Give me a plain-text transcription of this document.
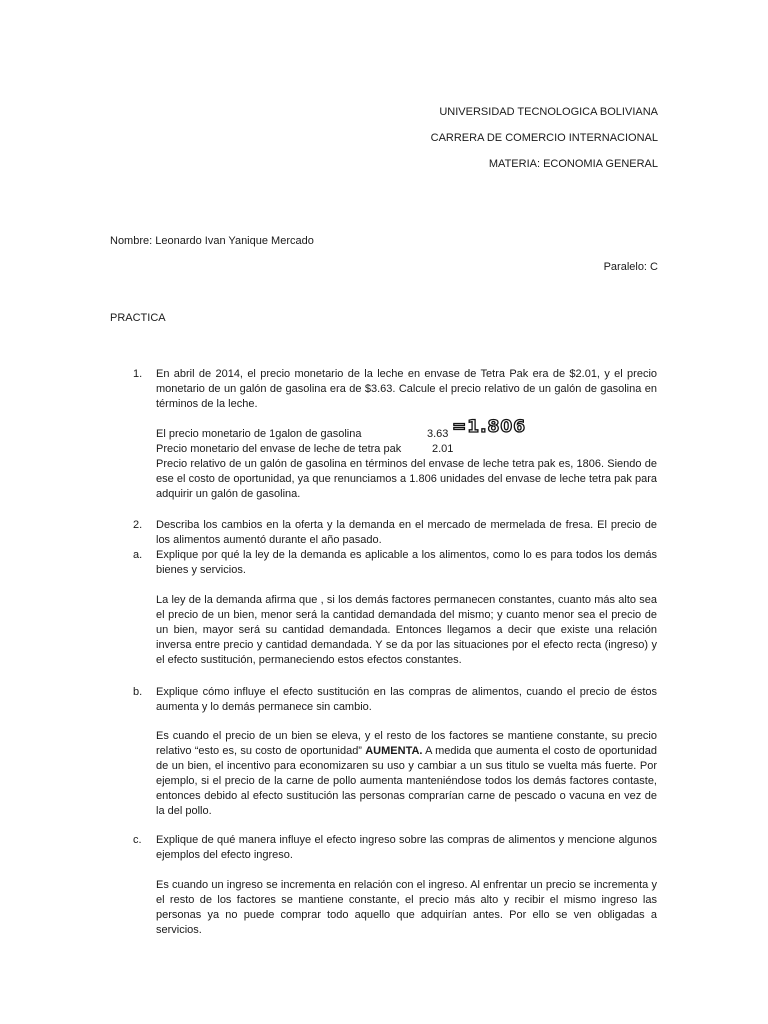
UNIVERSIDAD TECNOLOGICA BOLIVIANA
CARRERA DE COMERCIO INTERNACIONAL
MATERIA: ECONOMIA GENERAL
Nombre: Leonardo Ivan Yanique Mercado
Paralelo: C
PRACTICA
1. En abril de 2014, el precio monetario de la leche en envase de Tetra Pak era de $2.01, y el precio monetario de un galón de gasolina era de $3.63. Calcule el precio relativo de un galón de gasolina en términos de la leche.
El precio monetario de 1galon de gasolina	3.63 =1.806
Precio monetario del envase de leche de tetra pak	2.01
Precio relativo de un galón de gasolina en términos del envase de leche tetra pak es, 1806. Siendo de ese el costo de oportunidad, ya que renunciamos a 1.806 unidades del envase de leche tetra pak para adquirir un galón de gasolina.
2. Describa los cambios en la oferta y la demanda en el mercado de mermelada de fresa. El precio de los alimentos aumentó durante el año pasado.
a. Explique por qué la ley de la demanda es aplicable a los alimentos, como lo es para todos los demás bienes y servicios.
La ley de la demanda afirma que , si los demás factores permanecen constantes, cuanto más alto sea el precio de un bien, menor será la cantidad demandada del mismo; y cuanto menor sea el precio de un bien, mayor será su cantidad demandada. Entonces llegamos a decir que existe una relación inversa entre precio y cantidad demandada. Y se da por las situaciones por el efecto recta (ingreso) y el efecto sustitución, permaneciendo estos efectos constantes.
b. Explique cómo influye el efecto sustitución en las compras de alimentos, cuando el precio de éstos aumenta y lo demás permanece sin cambio.
Es cuando el precio de un bien se eleva, y el resto de los factores se mantiene constante, su precio relativo “esto es, su costo de oportunidad” AUMENTA. A medida que aumenta el costo de oportunidad de un bien, el incentivo para economizaren su uso y cambiar a un sus titulo se vuelta más fuerte. Por ejemplo, si el precio de la carne de pollo aumenta manteniéndose todos los demás factores contaste, entonces debido al efecto sustitución las personas comprarían carne de pescado o vacuna en vez de la del pollo.
c. Explique de qué manera influye el efecto ingreso sobre las compras de alimentos y mencione algunos ejemplos del efecto ingreso.
Es cuando un ingreso se incrementa en relación con el ingreso. Al enfrentar un precio se incrementa y el resto de los factores se mantiene constante, el precio más alto y recibir el mismo ingreso las personas ya no puede comprar todo aquello que adquirían antes. Por ello se ven obligadas a servicios.
